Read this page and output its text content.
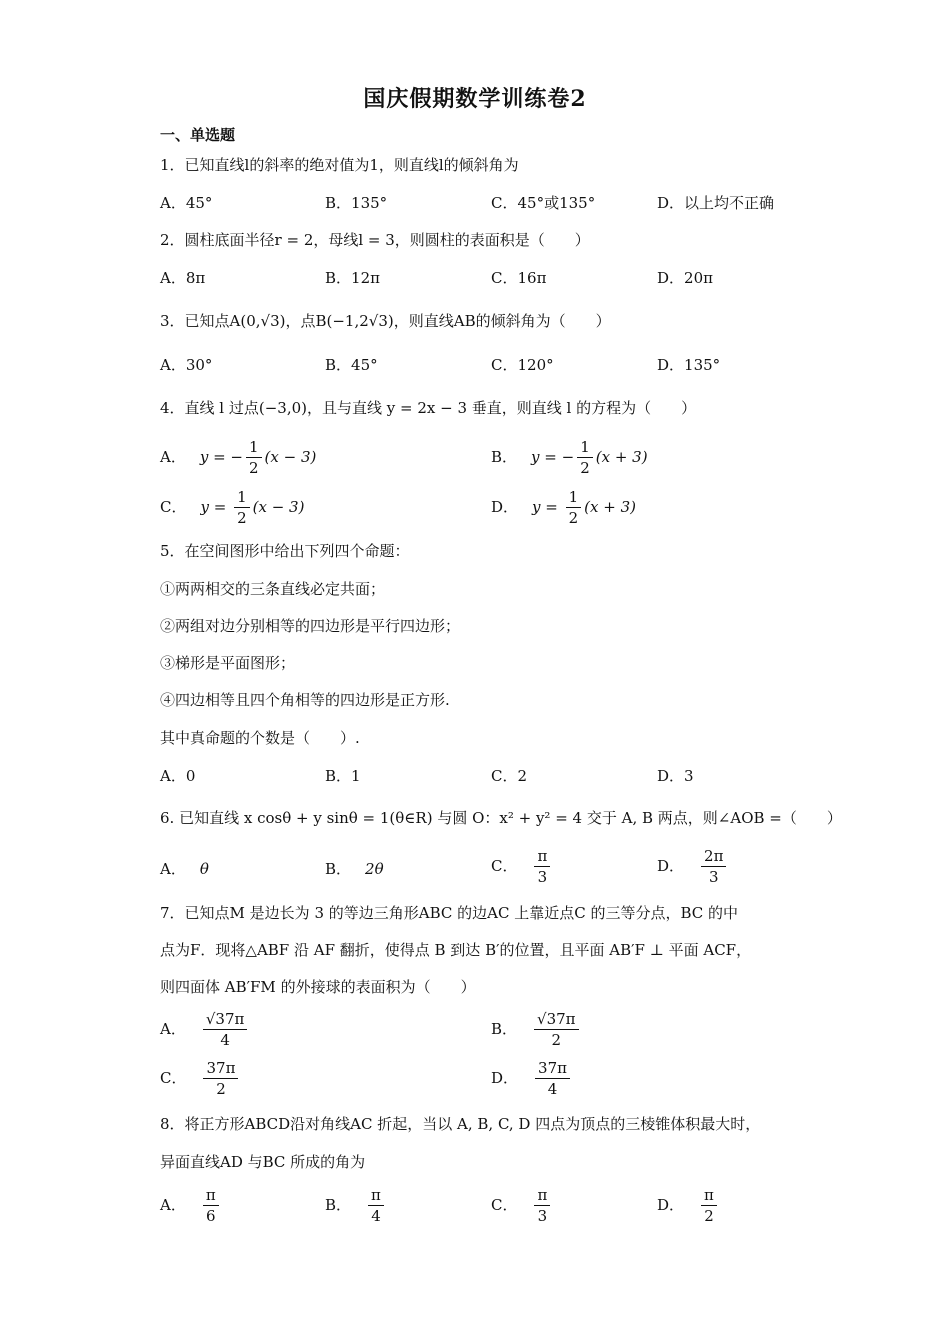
国庆假期数学训练卷2
一、单选题
1．已知直线l的斜率的绝对值为1，则直线l的倾斜角为
A．45°	B．135°	C．45°或135°	D．以上均不正确
2．圆柱底面半径r = 2，母线l = 3，则圆柱的表面积是（　　）
A．8π	B．12π	C．16π	D．20π
3．已知点A(0,√3)，点B(−1,2√3)，则直线AB的倾斜角为（　　）
A．30°	B．45°	C．120°	D．135°
4．直线 l 过点(−3,0)，且与直线 y = 2x − 3 垂直，则直线 l 的方程为（　　）
A． y = − $\frac{1}{2} (x - 3)$	B． y = − $\frac{1}{2} (x + 3)$
C． $y = \frac{1}{2} (x - 3)$	D． $y = \frac{1}{2} (x + 3)$
5．在空间图形中给出下列四个命题：
①两两相交的三条直线必定共面；
②两组对边分别相等的四边形是平行四边形；
③梯形是平面图形；
④四边相等且四个角相等的四边形是正方形.
其中真命题的个数是（　　）.
A．0	B．1	C．2	D．3
6. 已知直线 x cosθ + y sinθ = 1(θ∈R) 与圆 O：x² + y² = 4 交于 A, B 两点，则∠AOB =（　　）
A． θ	B． 2θ	C． $\frac{\pi}{3}$	D． $\frac{2\pi}{3}$
7．已知点M 是边长为 3 的等边三角形ABC 的边AC 上靠近点C 的三等分点，BC 的中
点为F．现将△ABF 沿 AF 翻折，使得点 B 到达 B′的位置，且平面 AB′F ⊥ 平面 ACF，
则四面体 AB′FM 的外接球的表面积为（　　）
A． $\frac{√37\pi}{4}$	B． $\frac{√37\pi}{2}$
C． $\frac{37\pi}{2}$	D． $\frac{37\pi}{4}$
8．将正方形ABCD沿对角线AC 折起，当以 A, B, C, D 四点为顶点的三棱锥体积最大时，
异面直线AD 与BC 所成的角为
A． $\frac{\pi}{6}$	B． $\frac{\pi}{4}$	C． $\frac{\pi}{3}$	D． $\frac{\pi}{2}$
